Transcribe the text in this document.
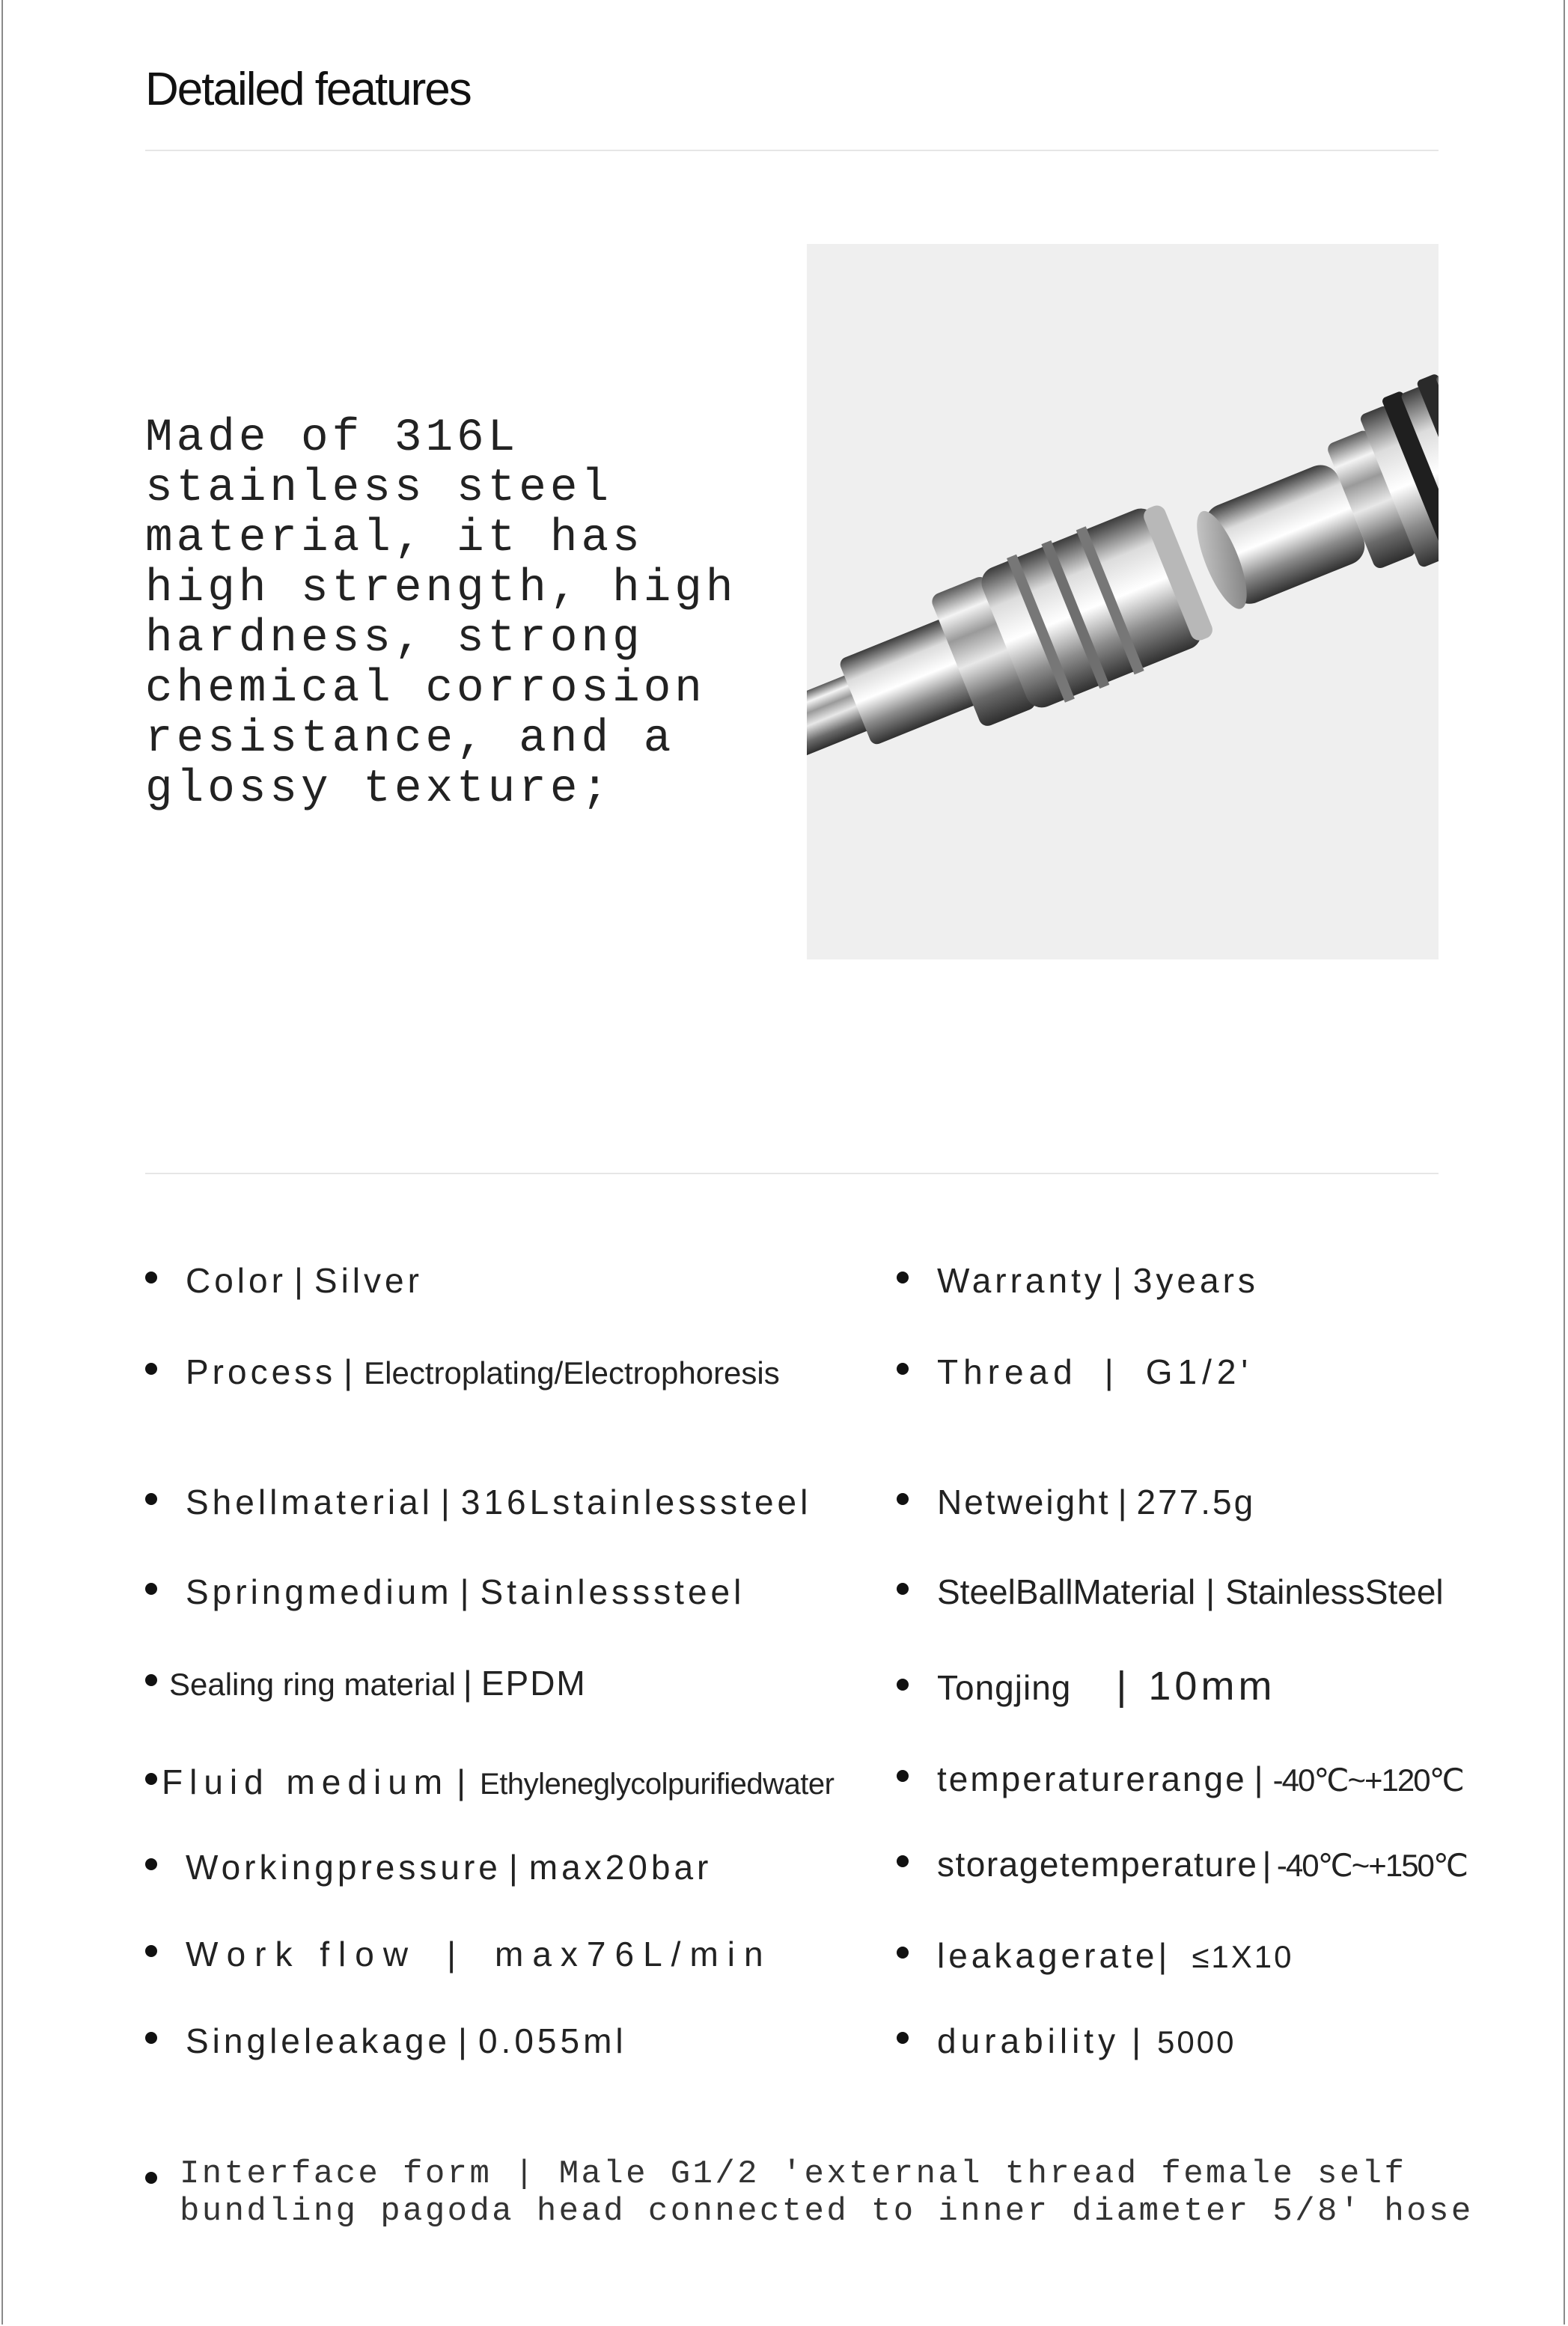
Detailed features

Made of 316L stainless steel material, it has high strength, high hardness, strong chemical corrosion resistance, and a glossy texture;

Color | Silver
Process | Electroplating/Electrophoresis
Shellmaterial | 316Lstainlesssteel
Springmedium | Stainlesssteel
Sealing ring material | EPDM
Fluid medium | Ethyleneglycolpurifiedwater
Workingpressure | max20bar
Work flow | max76L/min
Singleleakage | 0.055ml
Warranty | 3years
Thread | G1/2'
Netweight | 277.5g
SteelBallMaterial | StainlessSteel
Tongjing | 10mm
temperaturerange | -40℃~+120℃
storagetemperature | -40℃~+150℃
leakagerate | ≤1X10
durability | 5000
Interface form | Male G1/2 'external thread female self bundling pagoda head connected to inner diameter 5/8' hose
